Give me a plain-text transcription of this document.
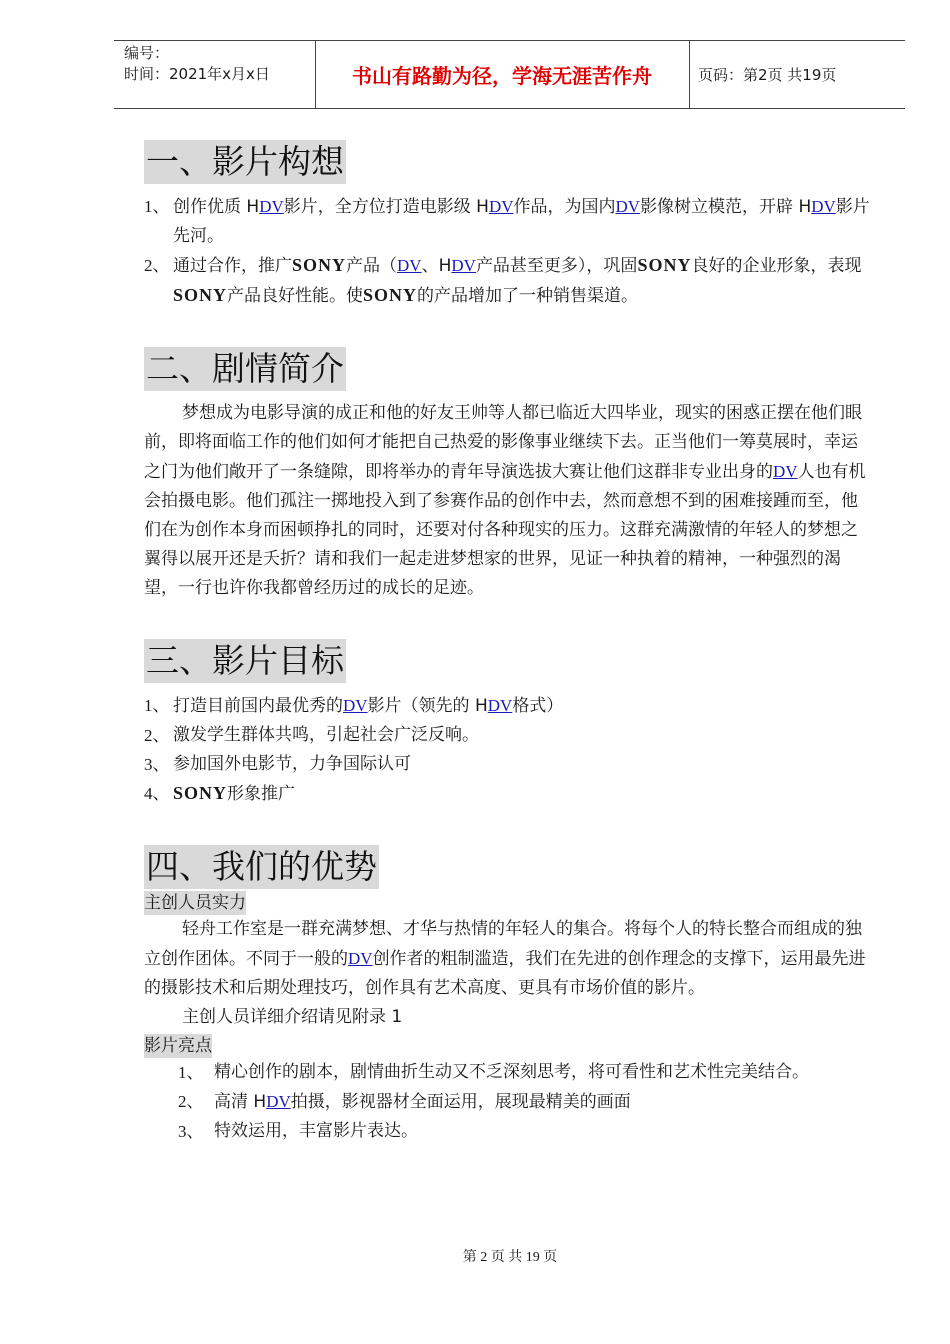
编号：
时间：2021年x月x日	书山有路勤为径，学海无涯苦作舟	页码：第2页 共19页
一、影片构想
1、 创作优质 HDV影片，全方位打造电影级 HDV作品，为国内DV影像树立模范，开辟 HDV影片先河。
2、 通过合作，推广SONY产品（DV、HDV产品甚至更多），巩固SONY良好的企业形象，表现SONY产品良好性能。使SONY的产品增加了一种销售渠道。
二、剧情简介

梦想成为电影导演的成正和他的好友王帅等人都已临近大四毕业，现实的困惑正摆在他们眼前，即将面临工作的他们如何才能把自己热爱的影像事业继续下去。正当他们一筹莫展时，幸运之门为他们敞开了一条缝隙，即将举办的青年导演选拔大赛让他们这群非专业出身的DV人也有机会拍摄电影。他们孤注一掷地投入到了参赛作品的创作中去，然而意想不到的困难接踵而至，他们在为创作本身而困顿挣扎的同时，还要对付各种现实的压力。这群充满激情的年轻人的梦想之翼得以展开还是夭折？请和我们一起走进梦想家的世界，见证一种执着的精神，一种强烈的渴望，一行也许你我都曾经历过的成长的足迹。

三、影片目标
1、 打造目前国内最优秀的DV影片（领先的 HDV格式）
2、 激发学生群体共鸣，引起社会广泛反响。
3、 参加国外电影节，力争国际认可
4、 SONY形象推广
四、我们的优势
主创人员实力

轻舟工作室是一群充满梦想、才华与热情的年轻人的集合。将每个人的特长整合而组成的独立创作团体。不同于一般的DV创作者的粗制滥造，我们在先进的创作理念的支撑下，运用最先进的摄影技术和后期处理技巧，创作具有艺术高度、更具有市场价值的影片。

主创人员详细介绍请见附录 1

影片亮点
1、 精心创作的剧本，剧情曲折生动又不乏深刻思考，将可看性和艺术性完美结合。
2、 高清 HDV拍摄，影视器材全面运用，展现最精美的画面
3、 特效运用，丰富影片表达。
第 2 页 共 19 页
